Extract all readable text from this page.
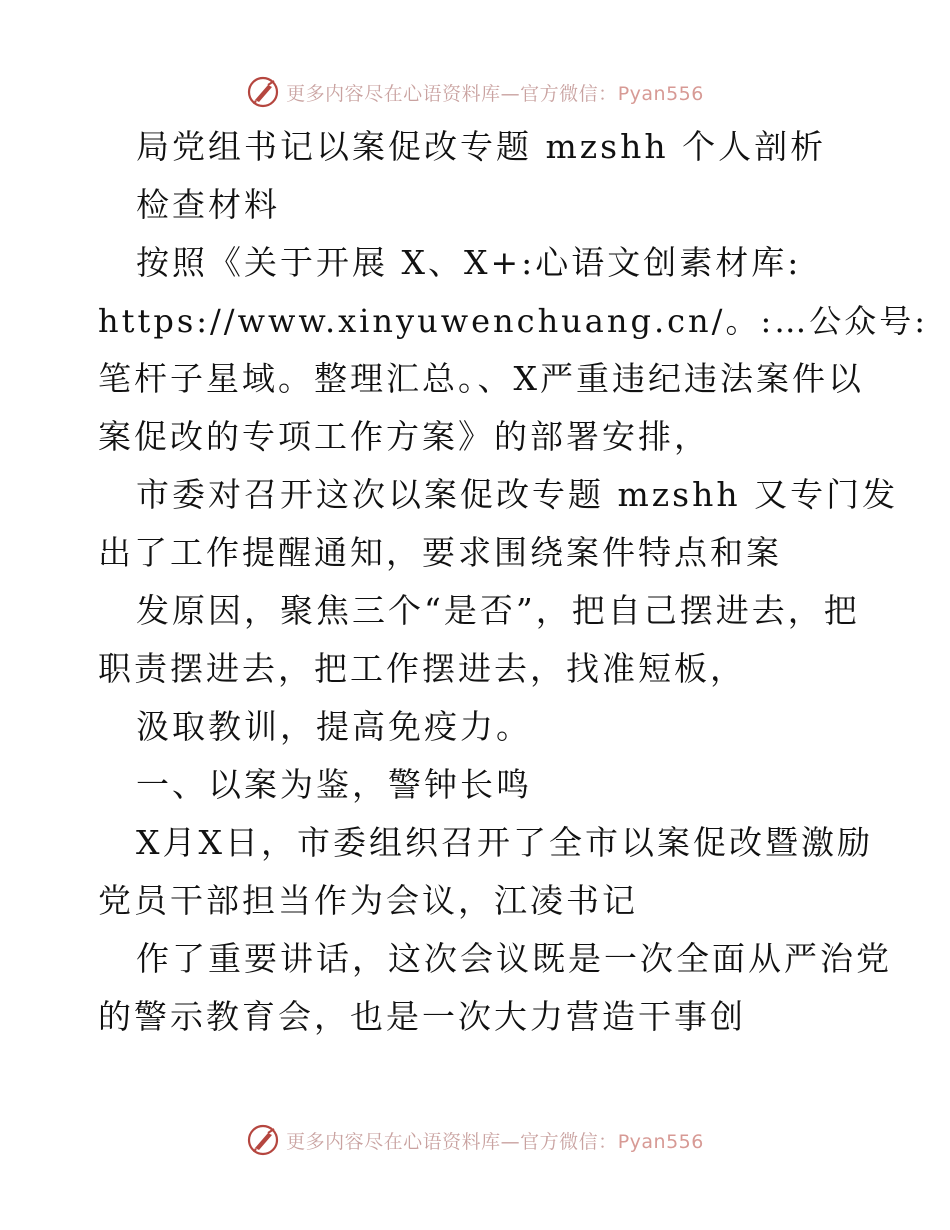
更多内容尽在心语资料库—官方微信：Pyan556
局党组书记以案促改专题 mzshh 个人剖析
检查材料
按照《关于开展 X、X+:心语文创素材库:
https://www.xinyuwenchuang.cn/。:…公众号:
笔杆子星域。整理汇总。、X严重违纪违法案件以
案促改的专项工作方案》的部署安排，
市委对召开这次以案促改专题 mzshh 又专门发
出了工作提醒通知，要求围绕案件特点和案
发原因，聚焦三个“是否”，把自己摆进去，把
职责摆进去，把工作摆进去，找准短板，
汲取教训，提高免疫力。
一、以案为鉴，警钟长鸣
X月X日，市委组织召开了全市以案促改暨激励
党员干部担当作为会议，江凌书记
作了重要讲话，这次会议既是一次全面从严治党
的警示教育会，也是一次大力营造干事创
更多内容尽在心语资料库—官方微信：Pyan556
